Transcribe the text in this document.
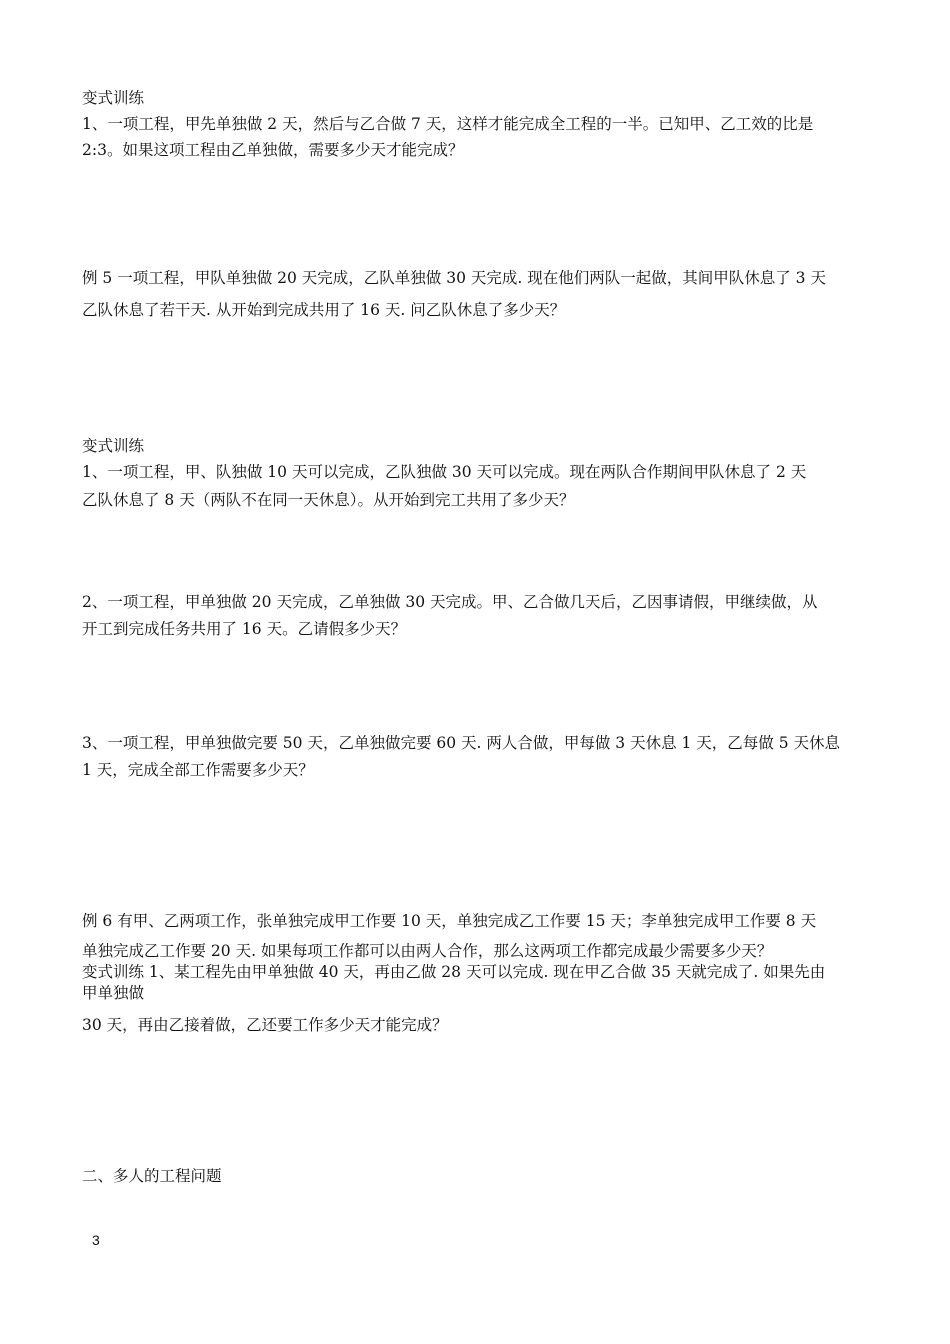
变式训练
1、一项工程，甲先单独做 2 天，然后与乙合做 7 天，这样才能完成全工程的一半。已知甲、乙工效的比是
2:3。如果这项工程由乙单独做，需要多少天才能完成？
例 5 一项工程，甲队单独做 20 天完成，乙队单独做 30 天完成. 现在他们两队一起做，其间甲队休息了 3 天
乙队休息了若干天. 从开始到完成共用了 16 天. 问乙队休息了多少天？
变式训练
1、一项工程，甲、队独做 10 天可以完成，乙队独做 30 天可以完成。现在两队合作期间甲队休息了 2 天
乙队休息了 8 天（两队不在同一天休息）。从开始到完工共用了多少天？
2、一项工程，甲单独做 20 天完成，乙单独做 30 天完成。甲、乙合做几天后，乙因事请假，甲继续做，从
开工到完成任务共用了 16 天。乙请假多少天？
3、一项工程，甲单独做完要 50 天，乙单独做完要 60 天. 两人合做，甲每做 3 天休息 1 天，乙每做 5 天休息
1 天，完成全部工作需要多少天？
例 6 有甲、乙两项工作，张单独完成甲工作要 10 天，单独完成乙工作要 15 天；李单独完成甲工作要 8 天
单独完成乙工作要 20 天. 如果每项工作都可以由两人合作，那么这两项工作都完成最少需要多少天？
变式训练 1、某工程先由甲单独做 40 天，再由乙做 28 天可以完成. 现在甲乙合做 35 天就完成了. 如果先由
甲单独做
30 天，再由乙接着做，乙还要工作多少天才能完成？
二、多人的工程问题
3
